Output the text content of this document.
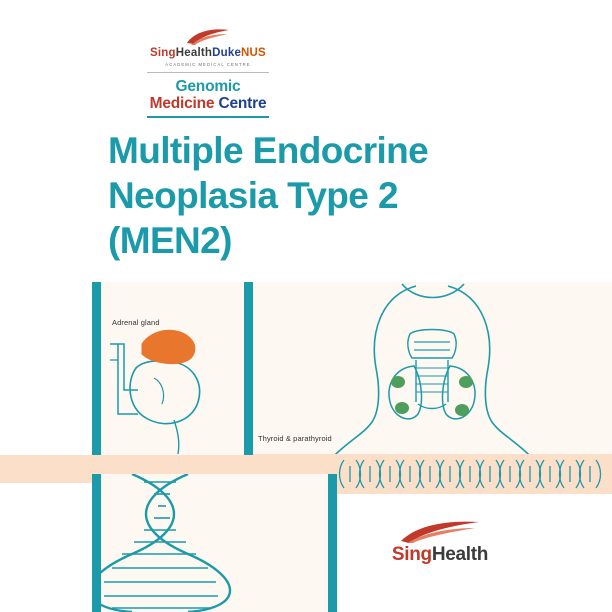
SingHealthDukeNUS
ACADEMIC MEDICAL CENTRE
Genomic
Medicine Centre
Multiple Endocrine
Neoplasia Type 2
(MEN2)
Adrenal gland
Thyroid & parathyroid
SingHealth
